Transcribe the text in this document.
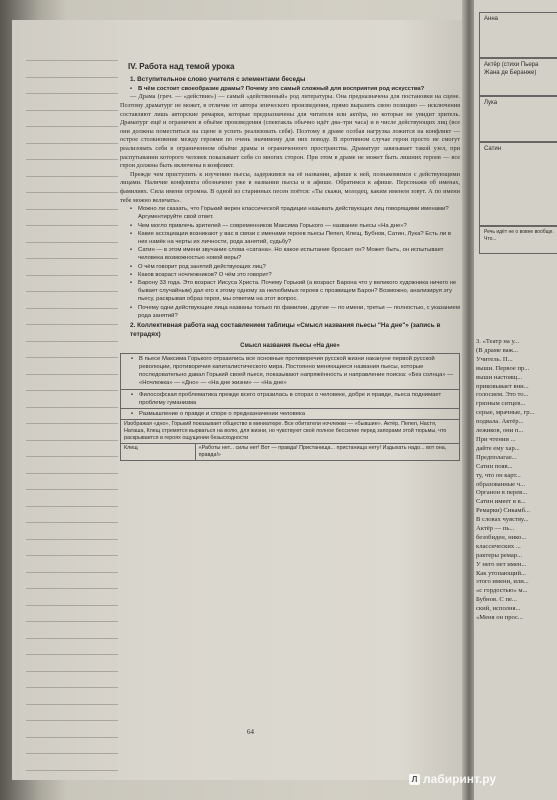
IV. Работа над темой урока
1. Вступительное слово учителя с элементами беседы
• В чём состоит своеобразие драмы? Почему это самый сложный для восприятия род искусства?

— Драма (греч. — «действие») — самый «действенный» род литературы. Она предназначена для постановки на сцене. Поэтому драматург не может, в отличие от автора эпического произведения, прямо выразить свою позицию — исключения составляют лишь авторские ремарки, которые предназначены для читателя или актёра, но которые не увидит зритель. Драматург ещё и ограничен в объёме произведения (спектакль обычно идёт два–три часа) и в числе действующих лиц (все они должны поместиться на сцене и успеть реализовать себя). Поэтому в драме особая нагрузка ложится на конфликт — острое столкновение между героями по очень значимому для них поводу. В противном случае герои просто не смогут реализовать себя в ограниченном объёме драмы и ограниченного пространства. Драматург завязывает такой узел, при распутывании которого человек показывает себя со многих сторон. При этом в драме не может быть лишних героев — все герои должны быть включены в конфликт.

Прежде чем приступить к изучению пьесы, задержимся на её названии, афише к ней, познакомимся с действующими лицами. Наличие конфликта обозначено уже в названии пьесы и в афише. Обратимся к афише. Персонажи об именах, фамилиях. Сила имени огромна. В одной из старинных песен поётся: «Ты скажи, молодец, каким именем зовут. А по имени тебе можно величать».

• Можно ли сказать, что Горький верен классической традиции называть действующих лиц говорящими именами? Аргументируйте свой ответ.
• Чем могло привлечь зрителей — современников Максима Горького — название пьесы «На дне»?
• Какие ассоциации возникают у вас в связи с именами героев пьесы Пепел, Клещ, Бубнов, Сатин, Лука? Есть ли в них намёк на черты их личности, рода занятий, судьбу?
• Сатин — в этом имени звучание слова «сатана». Но какое испытание бросает он? Может быть, он испытывает человека возможностью новой веры?
• О чём говорит род занятий действующих лиц?
• Каков возраст ночлежников? О чём это говорит?
• Барону 33 года. Это возраст Иисуса Христа. Почему Горький (а возраст Барона что у великого художника ничего не бывает случайным) дал его к этому одному за нелюбимых героев с прозвищем Барон? Возможно, анализируя эту пьесу, раскрывая образ героя, мы ответим на этот вопрос.
• Почему одни действующие лица названы только по фамилии, другие — по имени, третьи — полностью, с указанием рода занятий?
2. Коллективная работа над составлением таблицы «Смысл названия пьесы "На дне"» (запись в тетрадях)
Смысл названия пьесы «На дне»
• В пьесе Максима Горького отразились все основные противоречия русской жизни накануне первой русской революции, противоречия капиталистического мира. Постоянно меняющиеся названия пьесы, которые последовательно давал Горький своей пьесе, показывают напряжённость и направление поиска: «Без солнца» — «Ночлежка» — «Дно» — «На дне жизни» — «На дне»
• Философская проблематика прежде всего отразилась в спорах о человеке, добре и правде, пьеса поднимает проблему гуманизма
• Размышление о правде и споре о предназначении человека
Изображая «дно», Горький показывает общество в миниатюре. Все обитатели ночлежки — «бывшие». Актёр, Пепел, Настя, Наташа, Клещ стремятся вырваться на волю, для жизни, но чувствуют своё полное бессилие перед запорами этой тюрьмы, что раскрывается в героях ощущении безысходности
Клещ	«Работы нет... силы нет! Вот — правда! Пристанища... пристанища нету! Издыхать надо... вот она, правда!»
64
Анна
Актёр (стихи Пьера Жана де Беранже)
Лука
Сатин
Речь идёт не о вовне вообще. Что...
3. «Театр на у...
(В драме важ...
Учитель. П...
выши. Первое пр...
выши настоящ...
приковывает вни...
голосием. Это то...
грязным ситцев...
серые, мрачные, гр...
подвала. Актёр...
лежиков, они п...
При чтении ...
дайте ему хар...
Предполагае...
Сатин появ...
ту, что он карт...
образованные ч...
Органон в перев...
Сатин имеет в в...
Ремарки) Сикамб...
В словах чувству...
Актёр — пь...
безобиден, нико...
классических ...
рактеры ремар...
У него нет имен...
Как утопающий...
этого имени, или...
«с гордостью» м...
Бубнов. С пе...
ский, исполня...
«Меня он прос...
Л лабиринт.ру
